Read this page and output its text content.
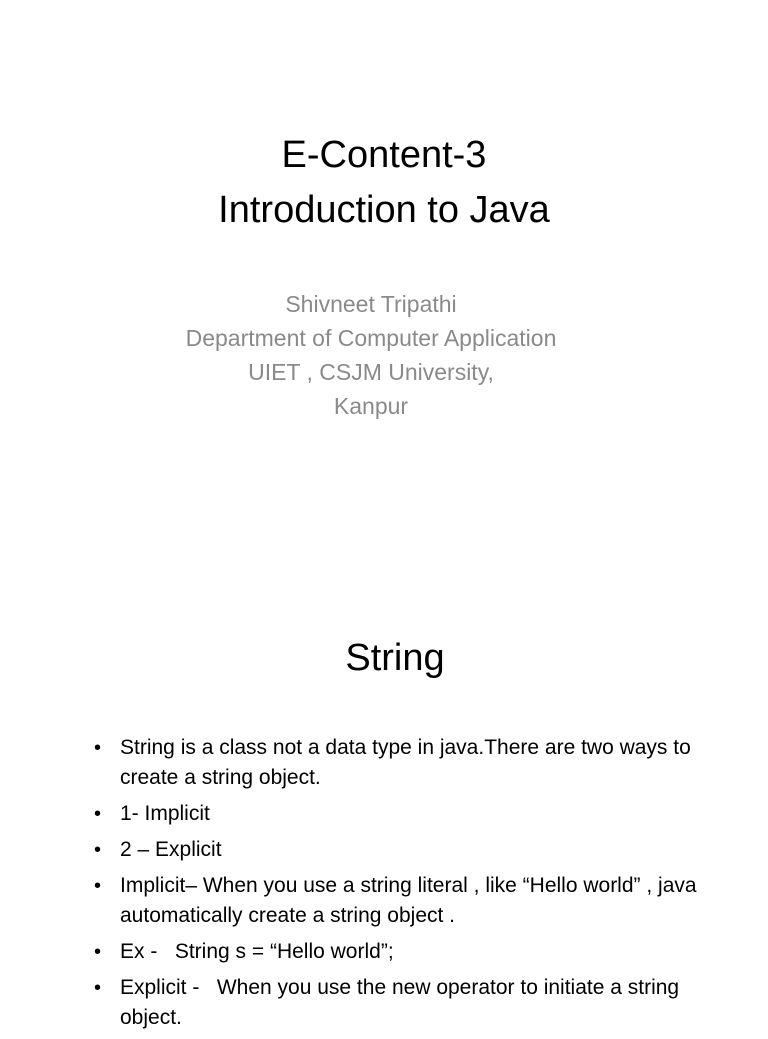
E-Content-3
Introduction to Java
Shivneet Tripathi
Department of Computer Application
UIET , CSJM University,
Kanpur
String
• String is a class not a data type in java.There are two ways to create a string object.
• 1- Implicit
• 2 – Explicit
• Implicit– When you use a string literal , like “Hello world” , java automatically create a string object .
• Ex -   String s = “Hello world”;
• Explicit -   When you use the new operator to initiate a string object.
